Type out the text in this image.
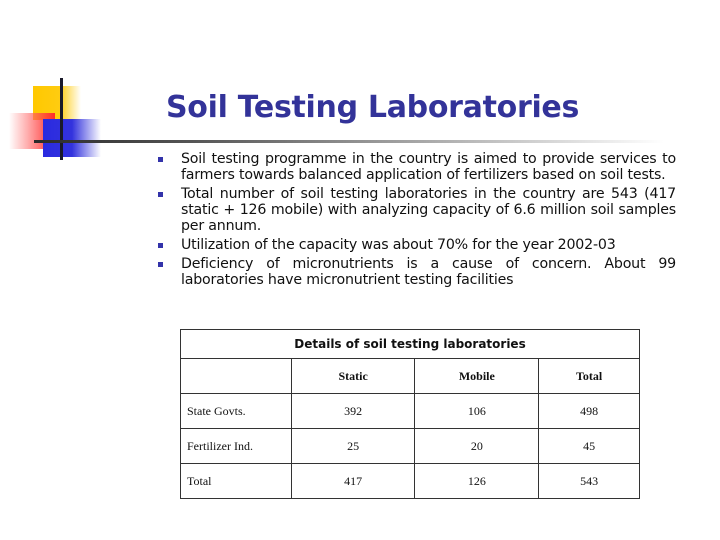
Soil Testing Laboratories
Soil testing programme in the country is aimed to provide services to farmers towards balanced application of fertilizers based on soil tests.
Total number of soil testing laboratories in the country are 543 (417 static + 126 mobile) with analyzing capacity of 6.6 million soil samples per annum.
Utilization of the capacity was about 70% for the year 2002-03
Deficiency of micronutrients is a cause of concern. About 99 laboratories have micronutrient testing facilities
Details of soil testing laboratories			
	Static	Mobile	Total
State Govts.	392	106	498
Fertilizer Ind.	25	20	45
Total	417	126	543
